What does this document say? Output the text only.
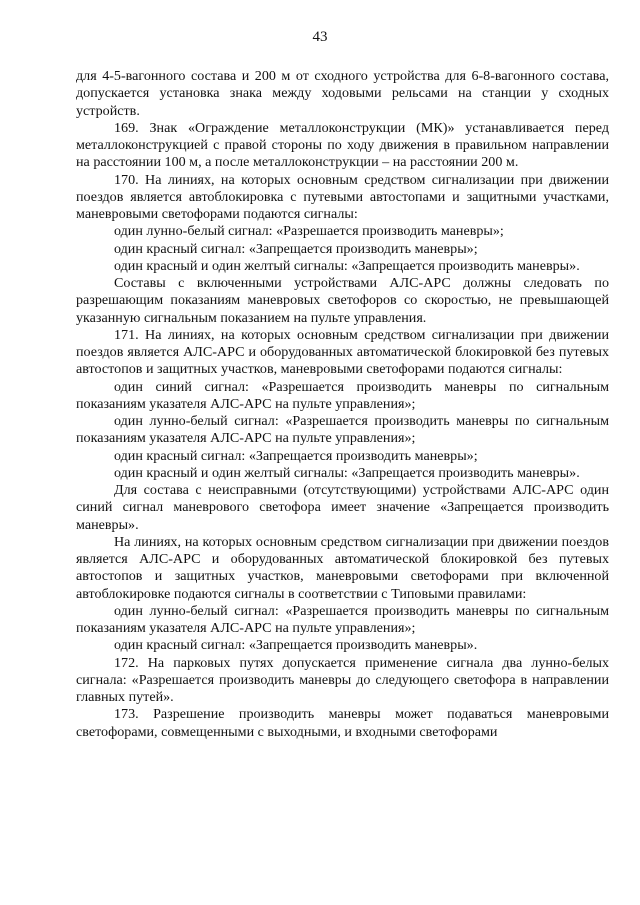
43

для 4-5-вагонного состава и 200 м от сходного устройства для 6-8-вагонного состава, допускается установка знака между ходовыми рельсами на станции у сходных устройств.

169. Знак «Ограждение металлоконструкции (МК)» устанавливается перед металлоконструкцией с правой стороны по ходу движения в правильном направлении на расстоянии 100 м, а после металлоконструкции – на расстоянии 200 м.

170. На линиях, на которых основным средством сигнализации при движении поездов является автоблокировка с путевыми автостопами и защитными участками, маневровыми светофорами подаются сигналы:

один лунно-белый сигнал: «Разрешается производить маневры»;

один красный сигнал: «Запрещается производить маневры»;

один красный и один желтый сигналы: «Запрещается производить маневры».

Составы с включенными устройствами АЛС-АРС должны следовать по разрешающим показаниям маневровых светофоров со скоростью, не превышающей указанную сигнальным показанием на пульте управления.

171. На линиях, на которых основным средством сигнализации при движении поездов является АЛС-АРС и оборудованных автоматической блокировкой без путевых автостопов и защитных участков, маневровыми светофорами подаются сигналы:

один синий сигнал: «Разрешается производить маневры по сигнальным показаниям указателя АЛС-АРС на пульте управления»;

один лунно-белый сигнал: «Разрешается производить маневры по сигнальным показаниям указателя АЛС-АРС на пульте управления»;

один красный сигнал: «Запрещается производить маневры»;

один красный и один желтый сигналы: «Запрещается производить маневры».

Для состава с неисправными (отсутствующими) устройствами АЛС-АРС один синий сигнал маневрового светофора имеет значение «Запрещается производить маневры».

На линиях, на которых основным средством сигнализации при движении поездов является АЛС-АРС и оборудованных автоматической блокировкой без путевых автостопов и защитных участков, маневровыми светофорами при включенной автоблокировке подаются сигналы в соответствии с Типовыми правилами:

один лунно-белый сигнал: «Разрешается производить маневры по сигнальным показаниям указателя АЛС-АРС на пульте управления»;

один красный сигнал: «Запрещается производить маневры».

172. На парковых путях допускается применение сигнала два лунно-белых сигнала: «Разрешается производить маневры до следующего светофора в направлении главных путей».

173. Разрешение производить маневры может подаваться маневровыми светофорами, совмещенными с выходными, и входными светофорами
